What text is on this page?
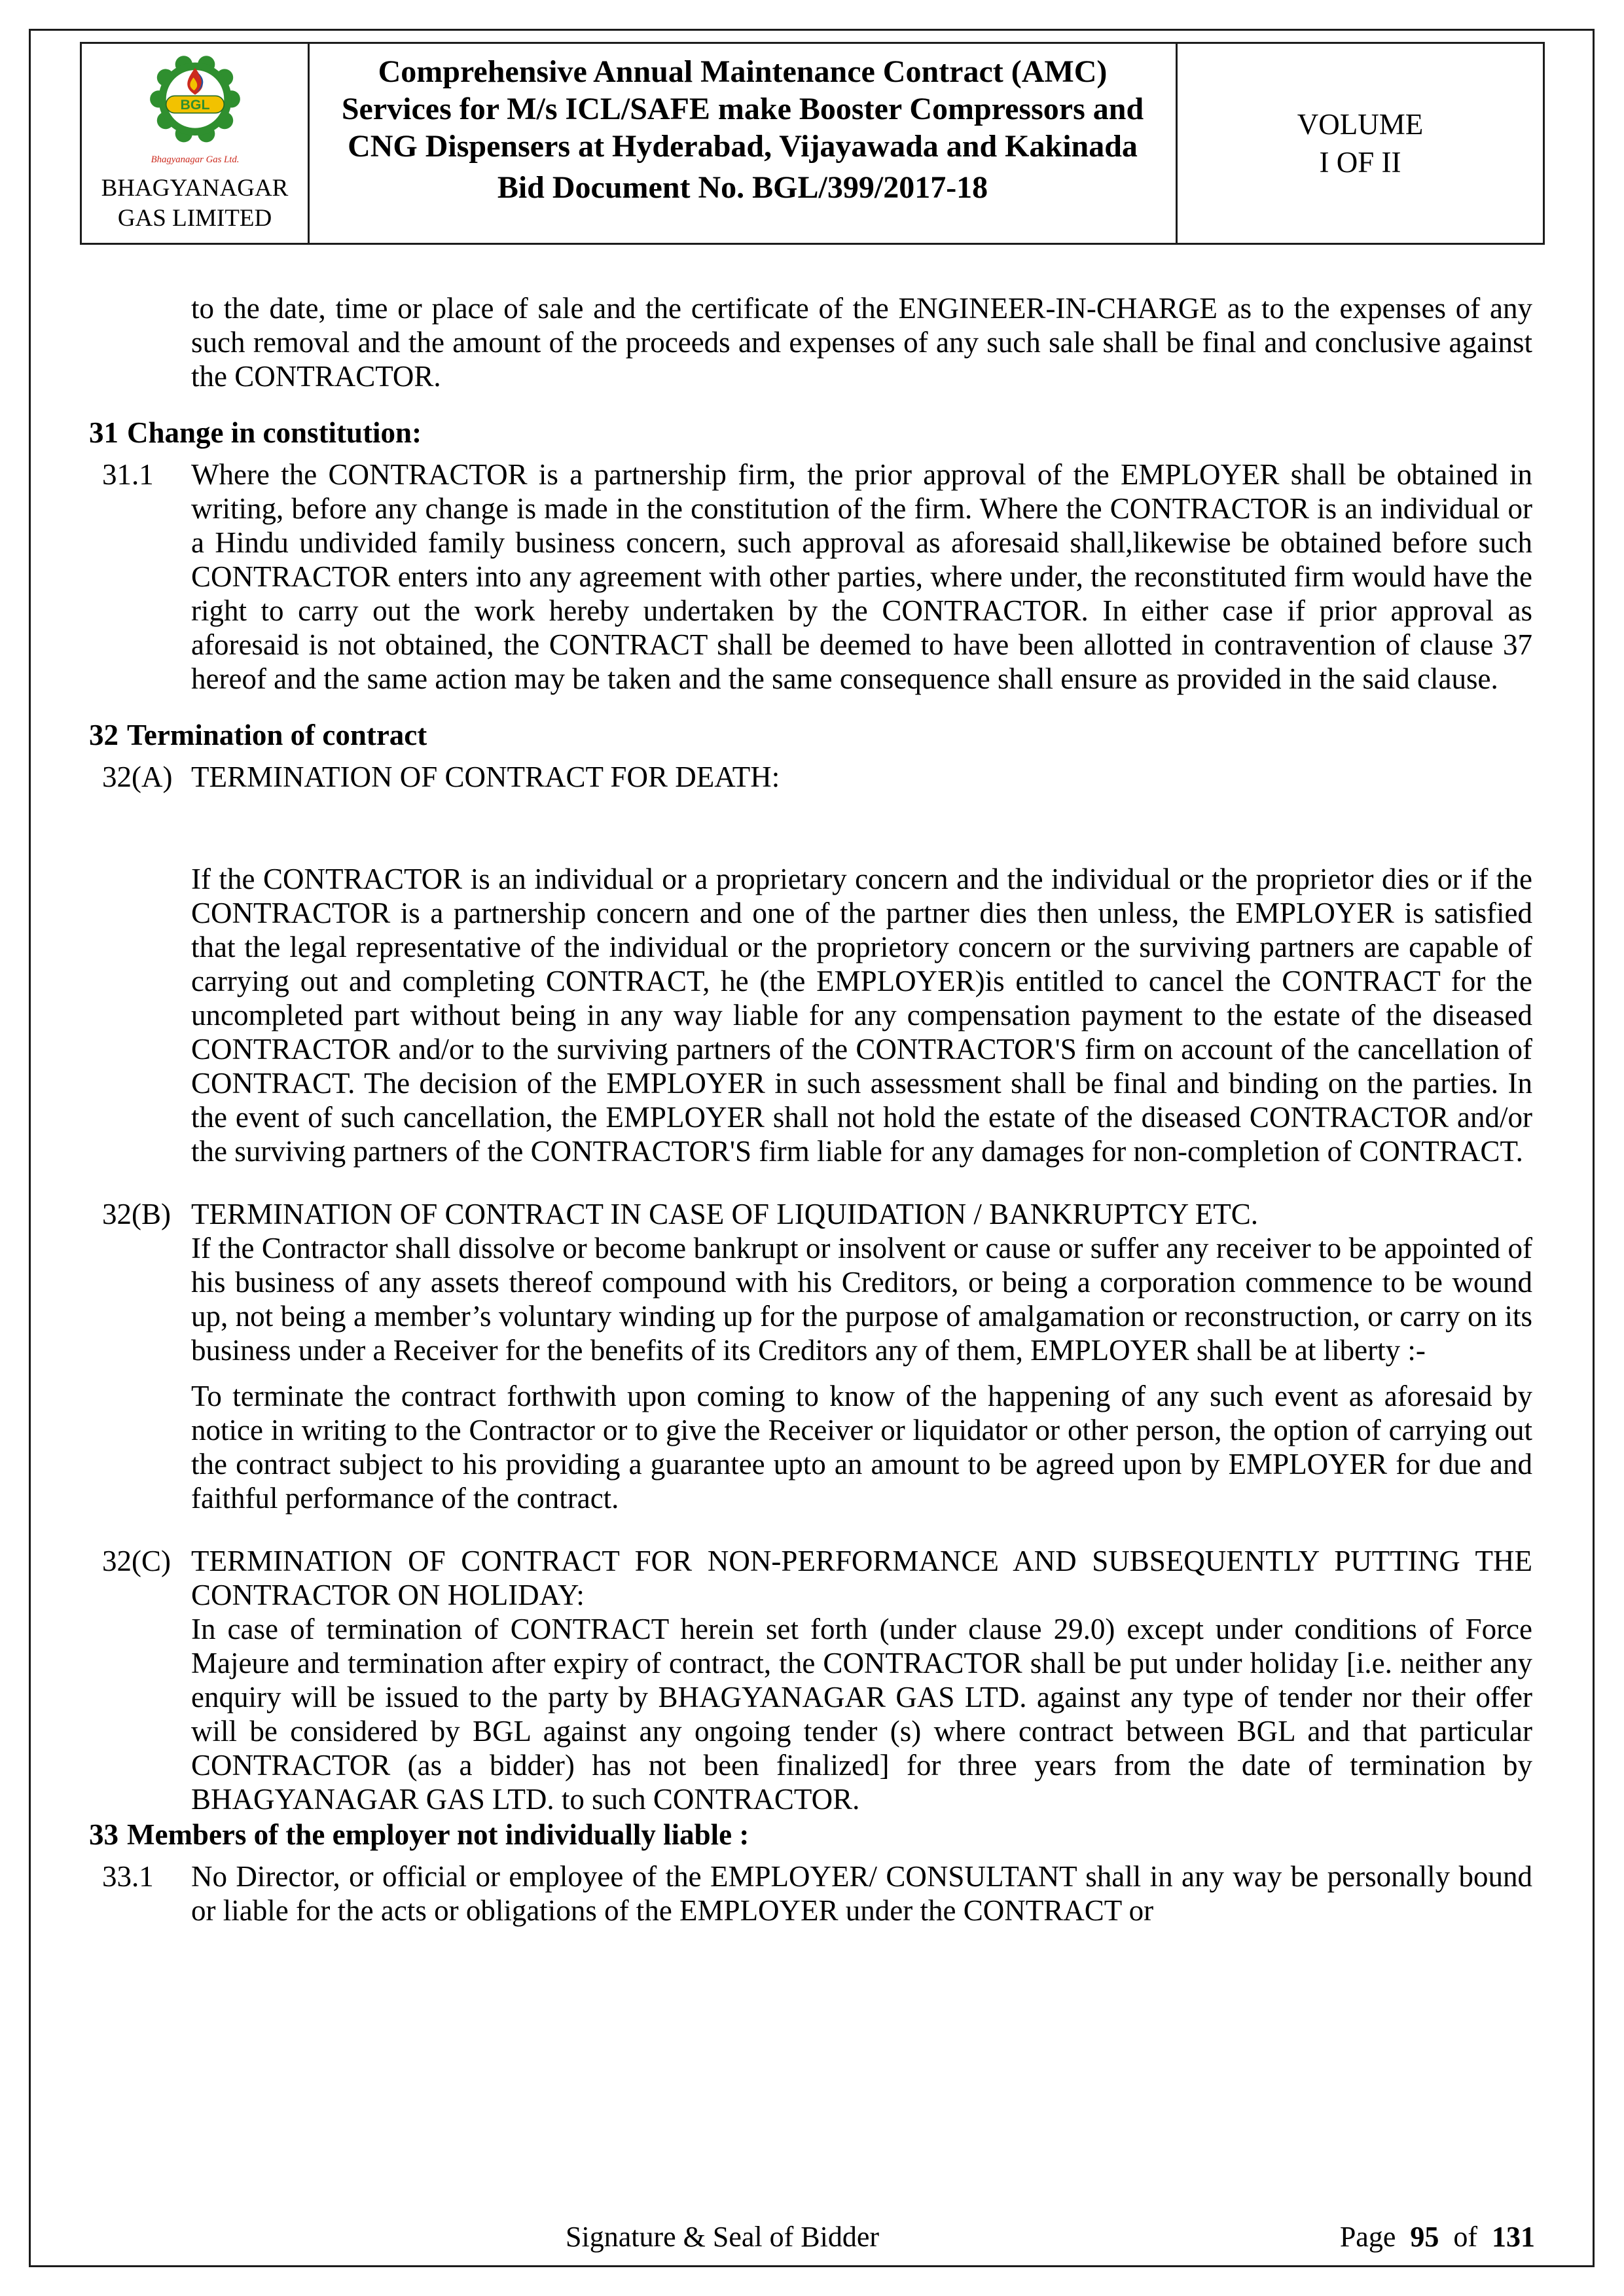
BGL
Bhagyanagar Gas Ltd.
BHAGYANAGAR
GAS LIMITED
Comprehensive Annual Maintenance Contract (AMC) Services for M/s ICL/SAFE make Booster Compressors and CNG Dispensers at Hyderabad, Vijayawada and Kakinada
Bid Document No. BGL/399/2017-18
VOLUME
I OF II

to the date, time or place of sale and the certificate of the ENGINEER-IN-CHARGE as to the expenses of any such removal and the amount of the proceeds and expenses of any such sale shall be final and conclusive against the CONTRACTOR.

31 Change in constitution:
31.1 Where the CONTRACTOR is a partnership firm, the prior approval of the EMPLOYER shall be obtained in writing, before any change is made in the constitution of the firm. Where the CONTRACTOR is an individual or a Hindu undivided family business concern, such approval as aforesaid shall,likewise be obtained before such CONTRACTOR enters into any agreement with other parties, where under, the reconstituted firm would have the right to carry out the work hereby undertaken by the CONTRACTOR. In either case if prior approval as aforesaid is not obtained, the CONTRACT shall be deemed to have been allotted in contravention of clause 37 hereof and the same action may be taken and the same consequence shall ensure as provided in the said clause.

32 Termination of contract
32(A) TERMINATION OF CONTRACT FOR DEATH:

If the CONTRACTOR is an individual or a proprietary concern and the individual or the proprietor dies or if the CONTRACTOR is a partnership concern and one of the partner dies then unless, the EMPLOYER is satisfied that the legal representative of the individual or the proprietory concern or the surviving partners are capable of carrying out and completing CONTRACT, he (the EMPLOYER)is entitled to cancel the CONTRACT for the uncompleted part without being in any way liable for any compensation payment to the estate of the diseased CONTRACTOR and/or to the surviving partners of the CONTRACTOR'S firm on account of the cancellation of CONTRACT. The decision of the EMPLOYER in such assessment shall be final and binding on the parties. In the event of such cancellation, the EMPLOYER shall not hold the estate of the diseased CONTRACTOR and/or the surviving partners of the CONTRACTOR'S firm liable for any damages for non-completion of CONTRACT.

32(B) TERMINATION OF CONTRACT IN CASE OF LIQUIDATION / BANKRUPTCY ETC.

If the Contractor shall dissolve or become bankrupt or insolvent or cause or suffer any receiver to be appointed of his business of any assets thereof compound with his Creditors, or being a corporation commence to be wound up, not being a member’s voluntary winding up for the purpose of amalgamation or reconstruction, or carry on its business under a Receiver for the benefits of its Creditors any of them, EMPLOYER shall be at liberty :-

To terminate the contract forthwith upon coming to know of the happening of any such event as aforesaid by notice in writing to the Contractor or to give the Receiver or liquidator or other person, the option of carrying out the contract subject to his providing a guarantee upto an amount to be agreed upon by EMPLOYER for due and faithful performance of the contract.

32(C) TERMINATION OF CONTRACT FOR NON-PERFORMANCE AND SUBSEQUENTLY PUTTING THE CONTRACTOR ON HOLIDAY:

In case of termination of CONTRACT herein set forth (under clause 29.0) except under conditions of Force Majeure and termination after expiry of contract, the CONTRACTOR shall be put under holiday [i.e. neither any enquiry will be issued to the party by BHAGYANAGAR GAS LTD. against any type of tender nor their offer will be considered by BGL against any ongoing tender (s) where contract between BGL and that particular CONTRACTOR (as a bidder) has not been finalized] for three years from the date of termination by BHAGYANAGAR GAS LTD. to such CONTRACTOR.

33 Members of the employer not individually liable :
33.1 No Director, or official or employee of the EMPLOYER/ CONSULTANT shall in any way be personally bound or liable for the acts or obligations of the EMPLOYER under the CONTRACT or

Signature & Seal of Bidder	Page 95 of 131
